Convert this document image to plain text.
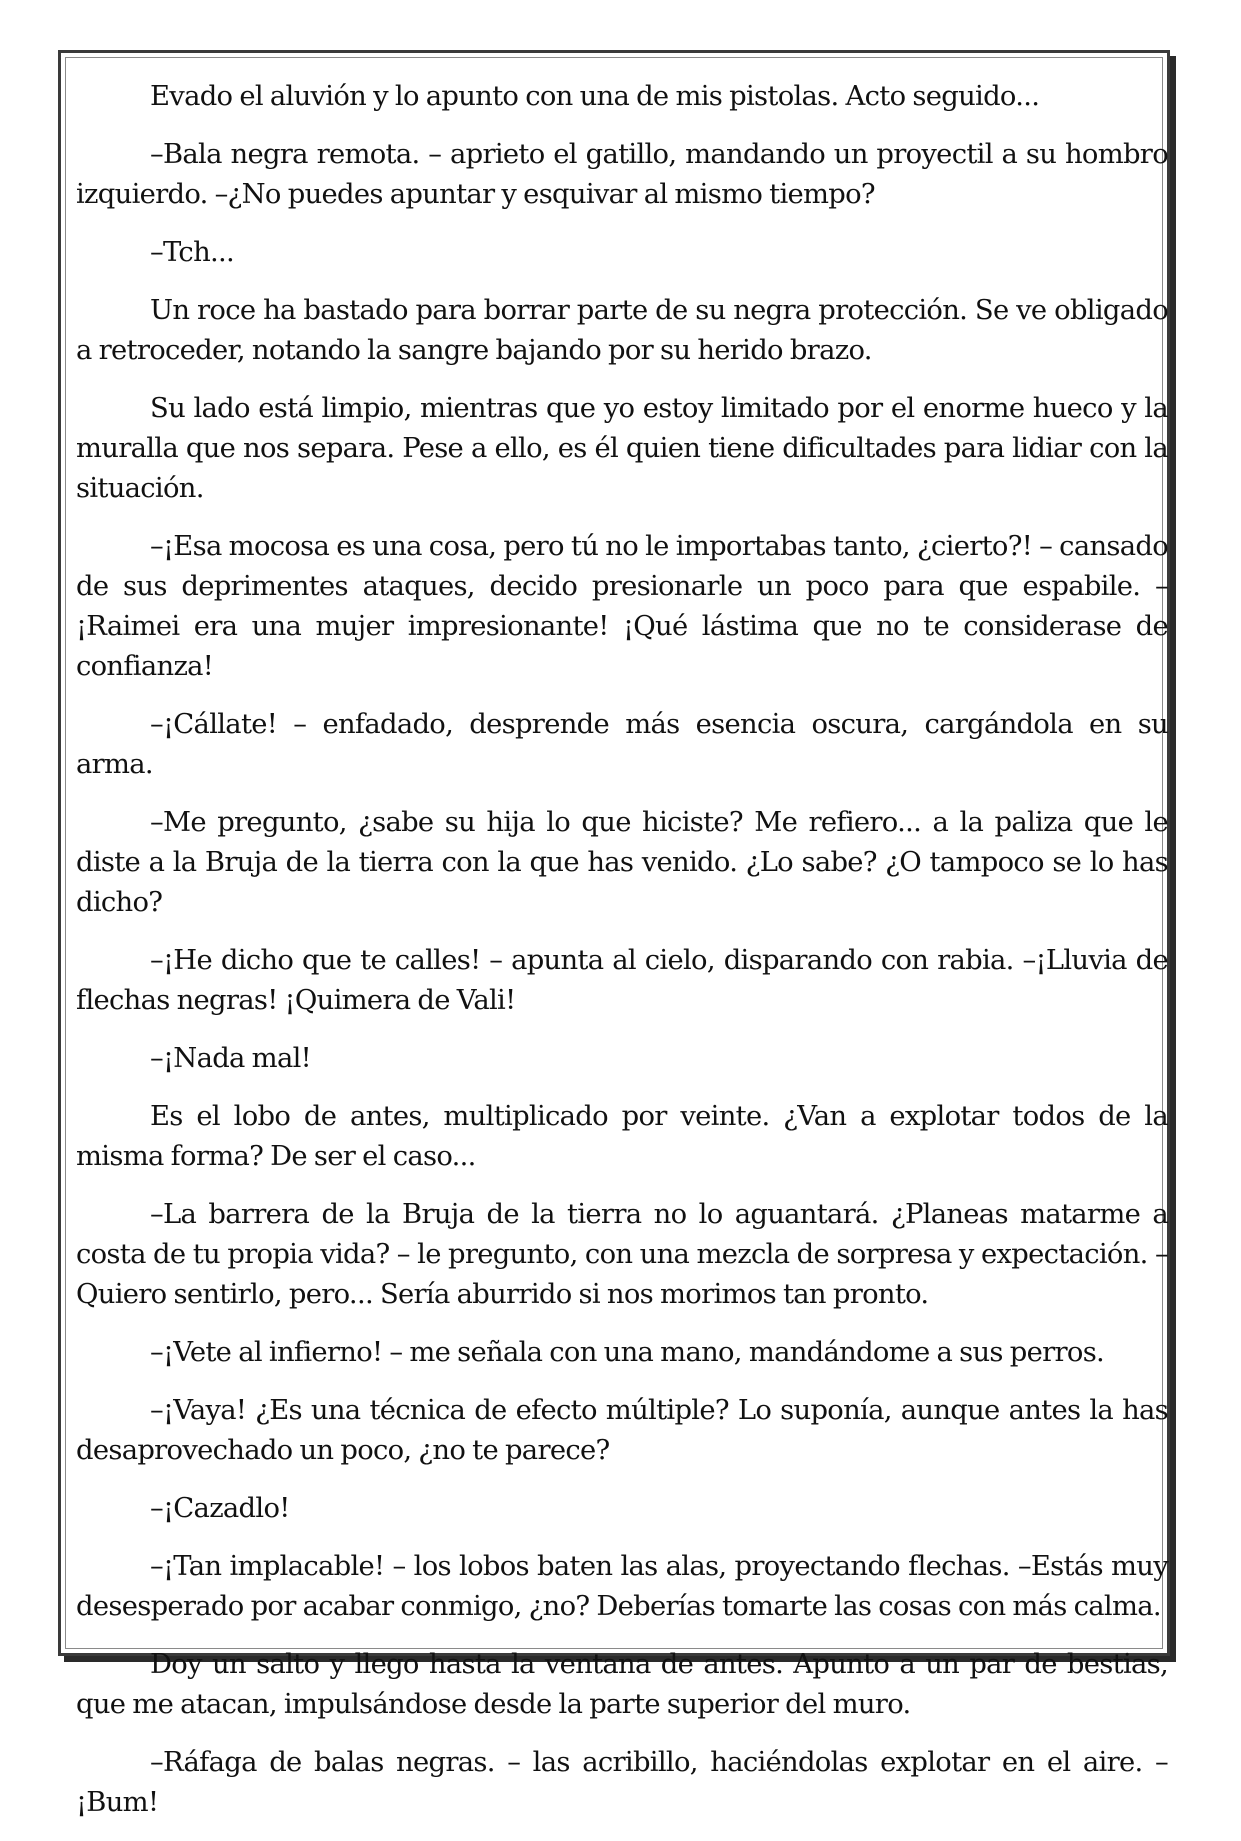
Evado el aluvión y lo apunto con una de mis pistolas. Acto seguido...

–Bala negra remota. – aprieto el gatillo, mandando un proyectil a su hombro izquierdo. –¿No puedes apuntar y esquivar al mismo tiempo?

–Tch...

Un roce ha bastado para borrar parte de su negra protección. Se ve obligado a retroceder, notando la sangre bajando por su herido brazo.

Su lado está limpio, mientras que yo estoy limitado por el enorme hueco y la muralla que nos separa. Pese a ello, es él quien tiene dificultades para lidiar con la situación.

–¡Esa mocosa es una cosa, pero tú no le importabas tanto, ¿cierto?! – cansado de sus deprimentes ataques, decido presionarle un poco para que espabile. –¡Raimei era una mujer impresionante! ¡Qué lástima que no te considerase de confianza!

–¡Cállate! – enfadado, desprende más esencia oscura, cargándola en su arma.

–Me pregunto, ¿sabe su hija lo que hiciste? Me refiero... a la paliza que le diste a la Bruja de la tierra con la que has venido. ¿Lo sabe? ¿O tampoco se lo has dicho?

–¡He dicho que te calles! – apunta al cielo, disparando con rabia. –¡Lluvia de flechas negras! ¡Quimera de Vali!

–¡Nada mal!

Es el lobo de antes, multiplicado por veinte. ¿Van a explotar todos de la misma forma? De ser el caso...

–La barrera de la Bruja de la tierra no lo aguantará. ¿Planeas matarme a costa de tu propia vida? – le pregunto, con una mezcla de sorpresa y expectación. –Quiero sentirlo, pero... Sería aburrido si nos morimos tan pronto.

–¡Vete al infierno! – me señala con una mano, mandándome a sus perros.

–¡Vaya! ¿Es una técnica de efecto múltiple? Lo suponía, aunque antes la has desaprovechado un poco, ¿no te parece?

–¡Cazadlo!

–¡Tan implacable! – los lobos baten las alas, proyectando flechas. –Estás muy desesperado por acabar conmigo, ¿no? Deberías tomarte las cosas con más calma.

Doy un salto y llego hasta la ventana de antes. Apunto a un par de bestias, que me atacan, impulsándose desde la parte superior del muro.

–Ráfaga de balas negras. – las acribillo, haciéndolas explotar en el aire. –¡Bum!
